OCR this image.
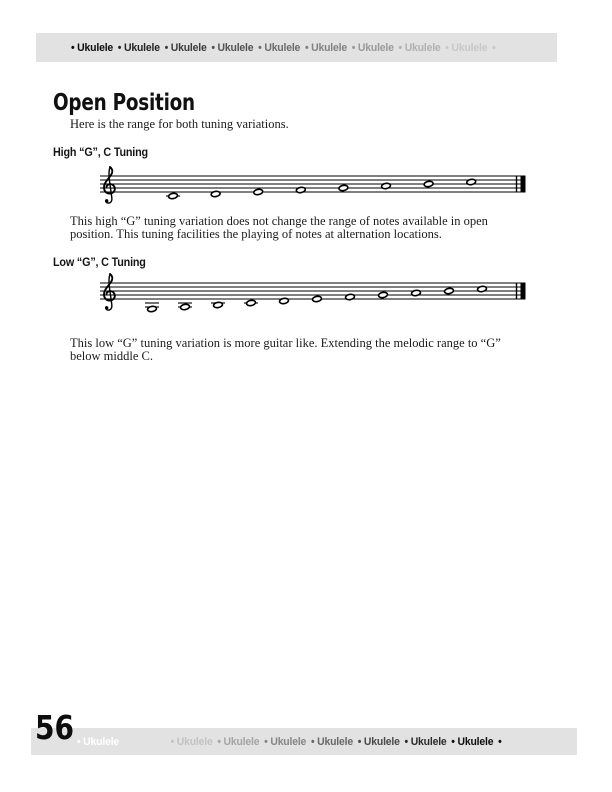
• Ukulele • Ukulele • Ukulele • Ukulele • Ukulele • Ukulele • Ukulele • Ukulele • Ukulele •
Open Position

Here is the range for both tuning variations.

High “G”, C Tuning

This high “G” tuning variation does not change the range of notes available in open
position. This tuning facilities the playing of notes at alternation locations.

Low “G”, C Tuning

This low “G” tuning variation is more guitar like. Extending the melodic range to “G”
below middle C.

56 • Ukulele • Ukulele • Ukulele • Ukulele • Ukulele • Ukulele • Ukulele • Ukulele • Ukulele •
